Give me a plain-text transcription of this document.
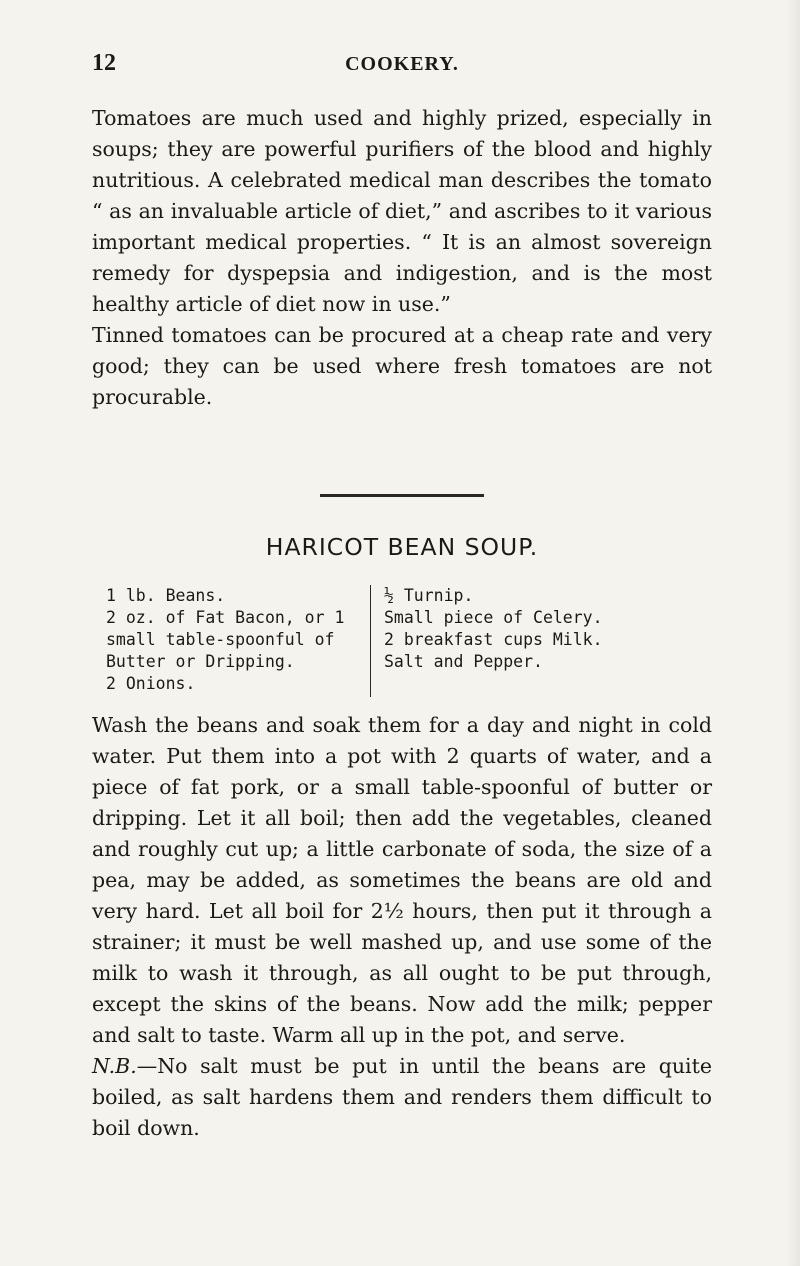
12	COOKERY.

Tomatoes are much used and highly prized, especially in soups; they are powerful purifiers of the blood and highly nutritious. A celebrated medical man describes the tomato “ as an invaluable article of diet,” and ascribes to it various important medical properties. “ It is an almost sovereign remedy for dyspepsia and indigestion, and is the most healthy article of diet now in use.”

Tinned tomatoes can be procured at a cheap rate and very good; they can be used where fresh tomatoes are not procurable.

HARICOT BEAN SOUP.

1 lb. Beans.

2 oz. of Fat Bacon, or 1 small table-spoonful of Butter or Dripping.

2 Onions.

½ Turnip.

Small piece of Celery.

2 breakfast cups Milk.

Salt and Pepper.

Wash the beans and soak them for a day and night in cold water. Put them into a pot with 2 quarts of water, and a piece of fat pork, or a small table-spoonful of butter or dripping. Let it all boil; then add the vegetables, cleaned and roughly cut up; a little carbonate of soda, the size of a pea, may be added, as sometimes the beans are old and very hard. Let all boil for 2½ hours, then put it through a strainer; it must be well mashed up, and use some of the milk to wash it through, as all ought to be put through, except the skins of the beans. Now add the milk; pepper and salt to taste. Warm all up in the pot, and serve.

N.B.—No salt must be put in until the beans are quite boiled, as salt hardens them and renders them difficult to boil down.
